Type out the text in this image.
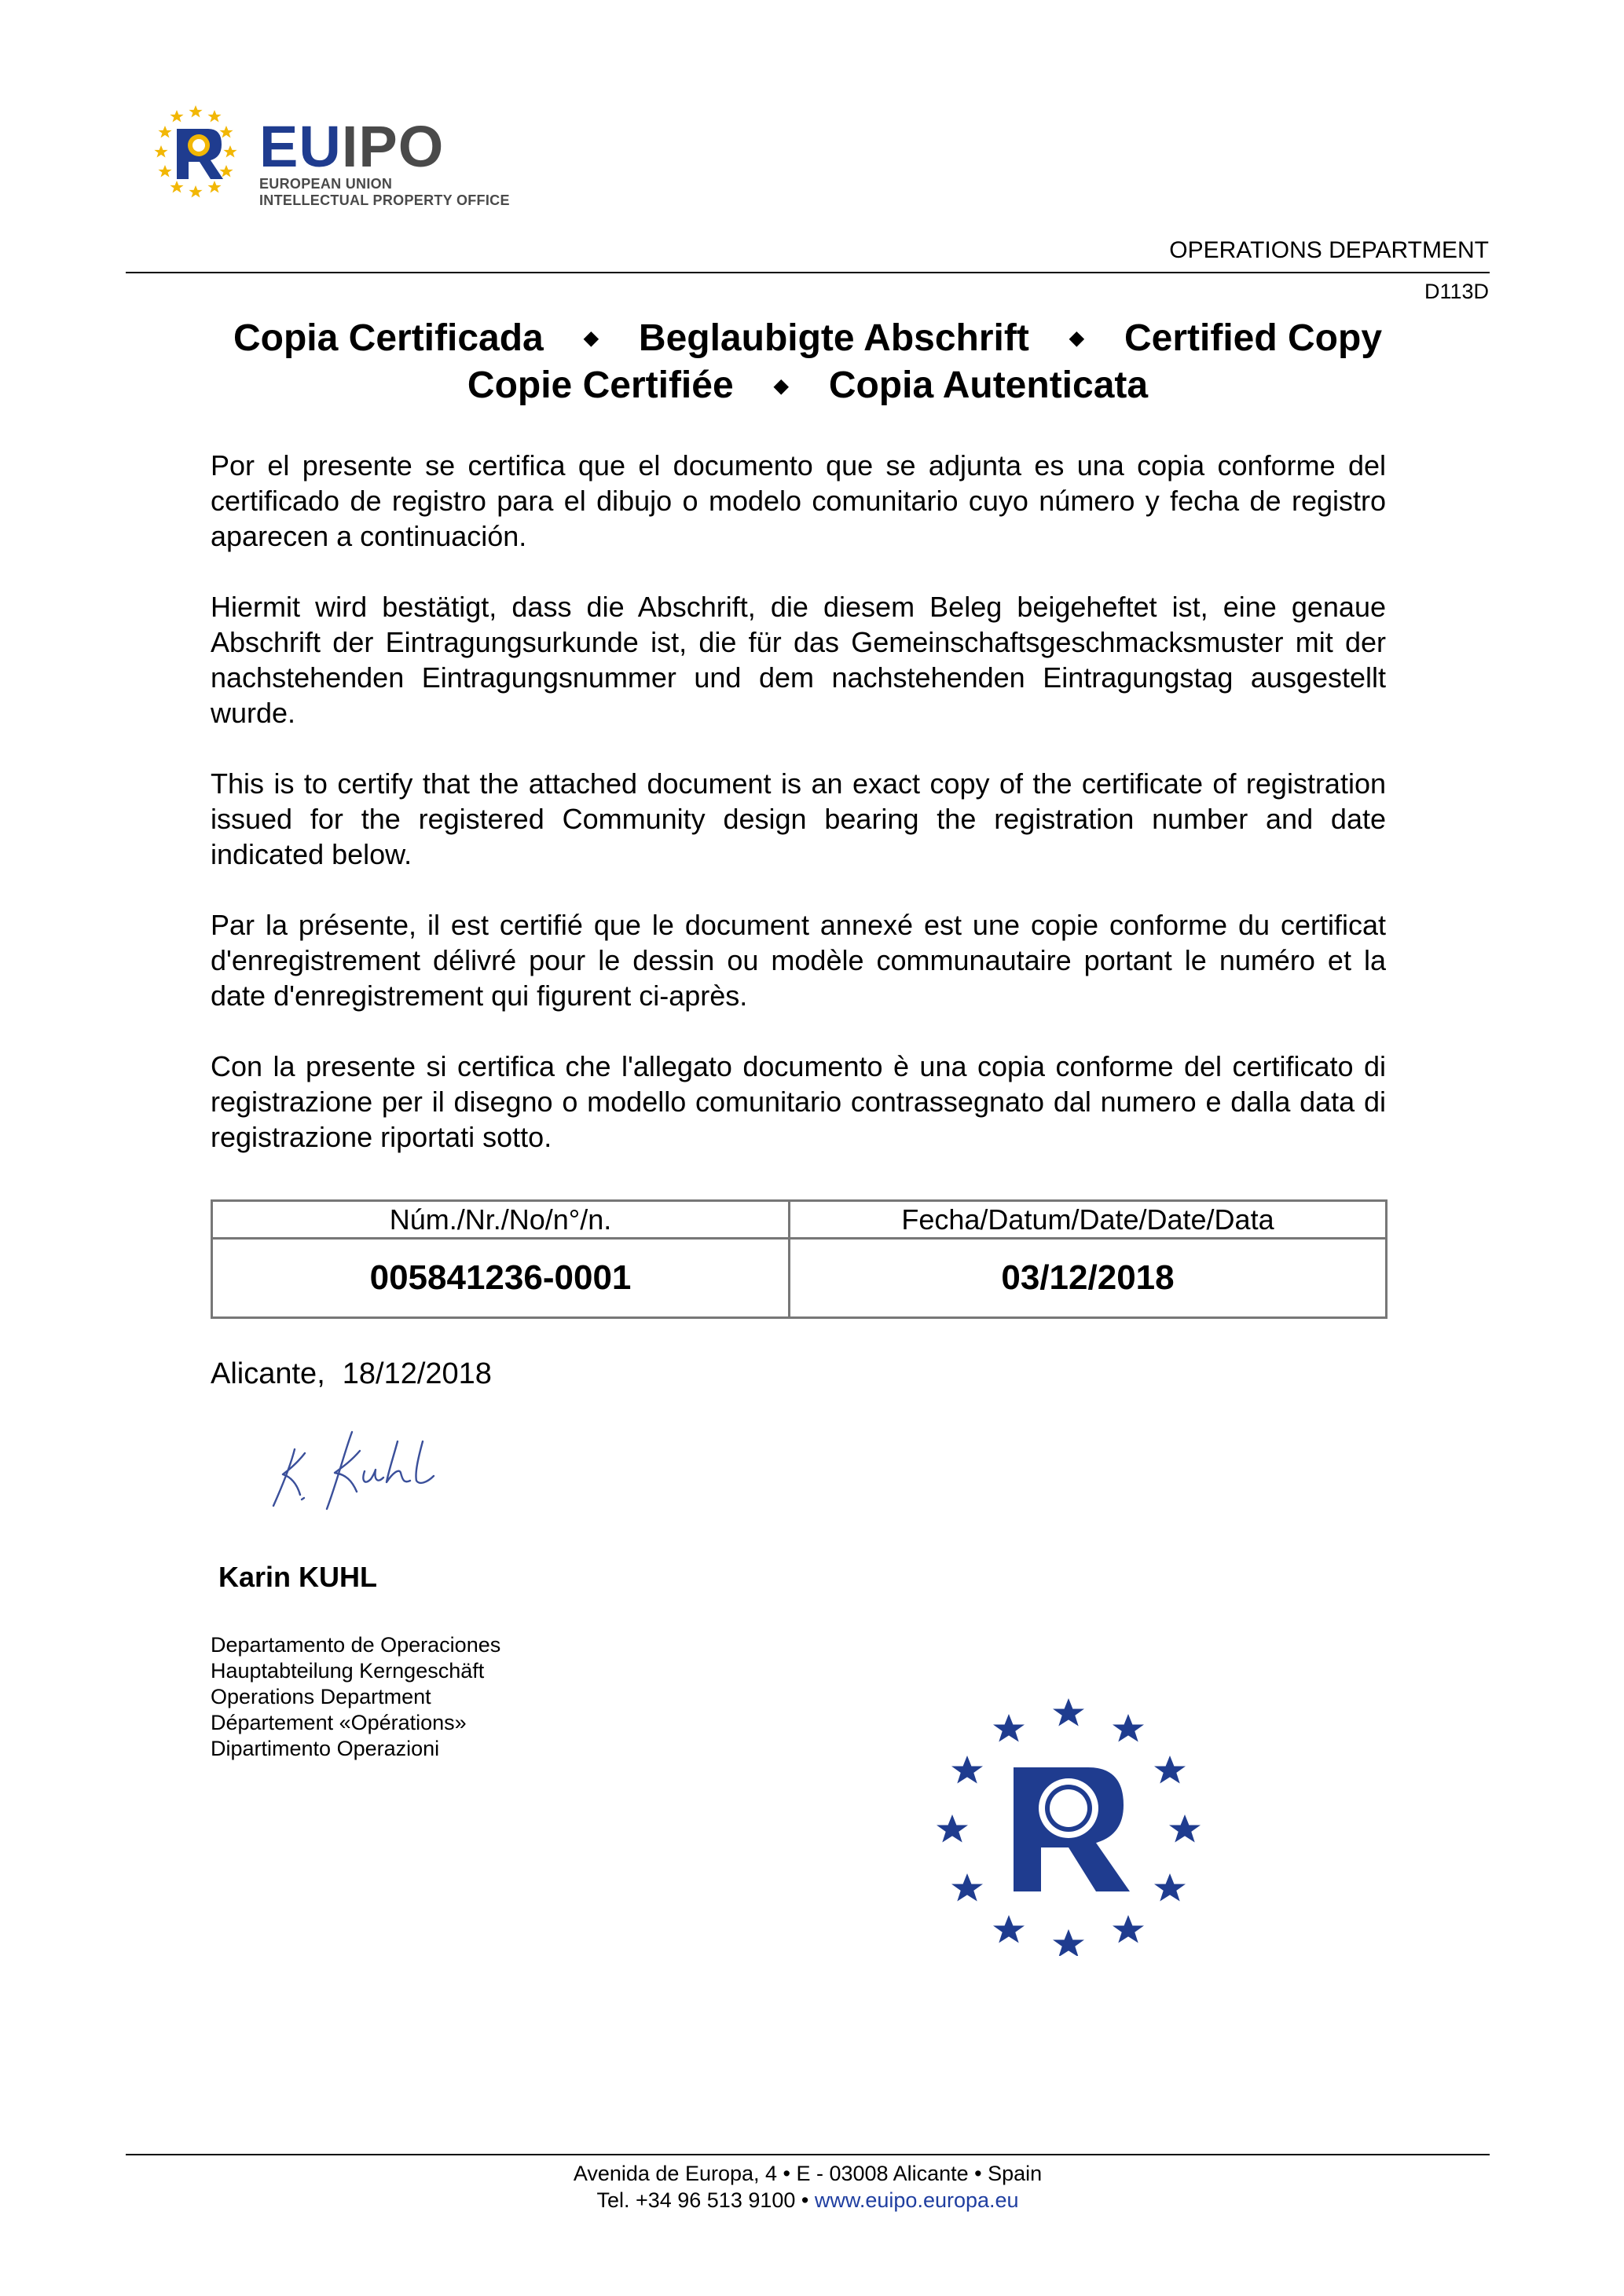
EUIPO
EUROPEAN UNION
INTELLECTUAL PROPERTY OFFICE
OPERATIONS DEPARTMENT
D113D
Copia Certificada ◆ Beglaubigte Abschrift ◆ Certified Copy
Copie Certifiée ◆ Copia Autenticata

Por el presente se certifica que el documento que se adjunta es una copia conforme del certificado de registro para el dibujo o modelo comunitario cuyo número y fecha de registro aparecen a continuación.

Hiermit wird bestätigt, dass die Abschrift, die diesem Beleg beigeheftet ist, eine genaue Abschrift der Eintragungsurkunde ist, die für das Gemeinschaftsgeschmacksmuster mit der nachstehenden Eintragungsnummer und dem nachstehenden Eintragungstag ausgestellt wurde.

This is to certify that the attached document is an exact copy of the certificate of registration issued for the registered Community design bearing the registration number and date indicated below.

Par la présente, il est certifié que le document annexé est une copie conforme du certificat d'enregistrement délivré pour le dessin ou modèle communautaire portant le numéro et la date d'enregistrement qui figurent ci-après.

Con la presente si certifica che l'allegato documento è una copia conforme del certificato di registrazione per il disegno o modello comunitario contrassegnato dal numero e dalla data di registrazione riportati sotto.

Núm./Nr./No/n°/n.	Fecha/Datum/Date/Date/Data
005841236-0001	03/12/2018
Alicante, 18/12/2018
Karin KUHL
Departamento de Operaciones
Hauptabteilung Kerngeschäft
Operations Department
Département «Opérations»
Dipartimento Operazioni
Avenida de Europa, 4 • E - 03008 Alicante • Spain
Tel. +34 96 513 9100 • www.euipo.europa.eu
